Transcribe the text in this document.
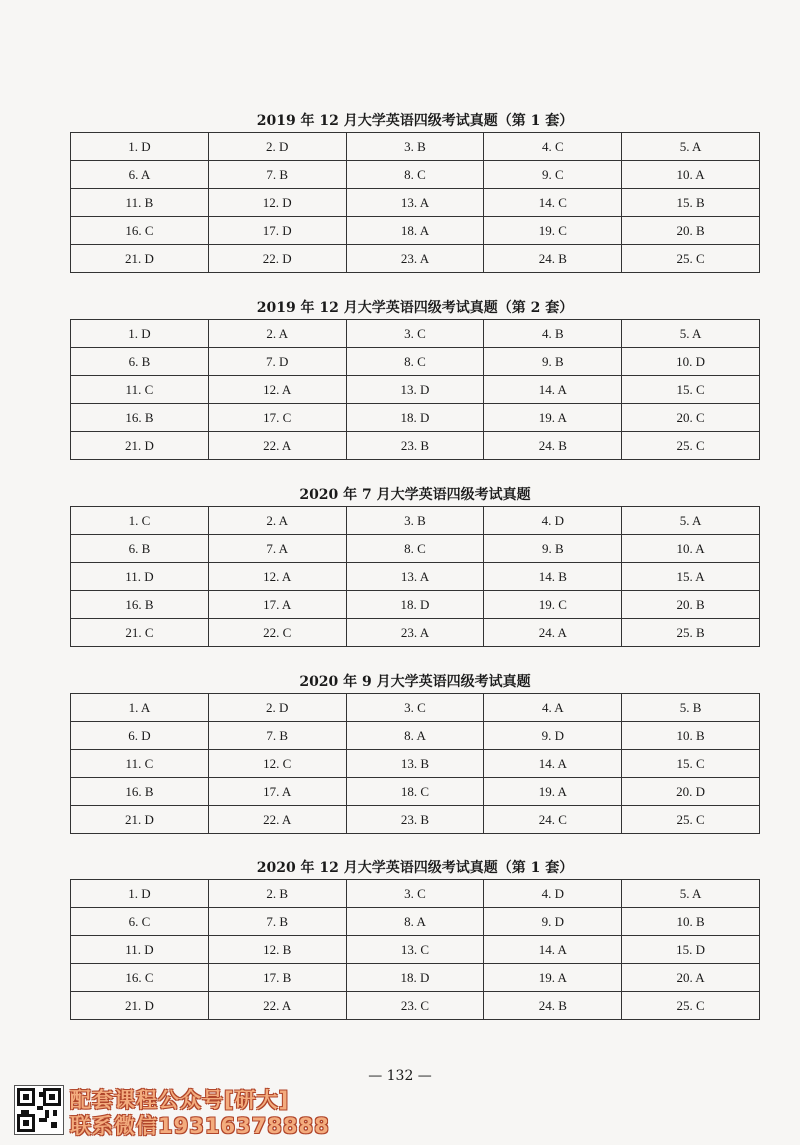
2019 年 12 月大学英语四级考试真题（第 1 套）
1. D	2. D	3. B	4. C	5. A
6. A	7. B	8. C	9. C	10. A
11. B	12. D	13. A	14. C	15. B
16. C	17. D	18. A	19. C	20. B
21. D	22. D	23. A	24. B	25. C
2019 年 12 月大学英语四级考试真题（第 2 套）
1. D	2. A	3. C	4. B	5. A
6. B	7. D	8. C	9. B	10. D
11. C	12. A	13. D	14. A	15. C
16. B	17. C	18. D	19. A	20. C
21. D	22. A	23. B	24. B	25. C
2020 年 7 月大学英语四级考试真题
1. C	2. A	3. B	4. D	5. A
6. B	7. A	8. C	9. B	10. A
11. D	12. A	13. A	14. B	15. A
16. B	17. A	18. D	19. C	20. B
21. C	22. C	23. A	24. A	25. B
2020 年 9 月大学英语四级考试真题
1. A	2. D	3. C	4. A	5. B
6. D	7. B	8. A	9. D	10. B
11. C	12. C	13. B	14. A	15. C
16. B	17. A	18. C	19. A	20. D
21. D	22. A	23. B	24. C	25. C
2020 年 12 月大学英语四级考试真题（第 1 套）
1. D	2. B	3. C	4. D	5. A
6. C	7. B	8. A	9. D	10. B
11. D	12. B	13. C	14. A	15. D
16. C	17. B	18. D	19. A	20. A
21. D	22. A	23. C	24. B	25. C
— 132 —
配套课程公众号[研大]
联系微信19316378888
